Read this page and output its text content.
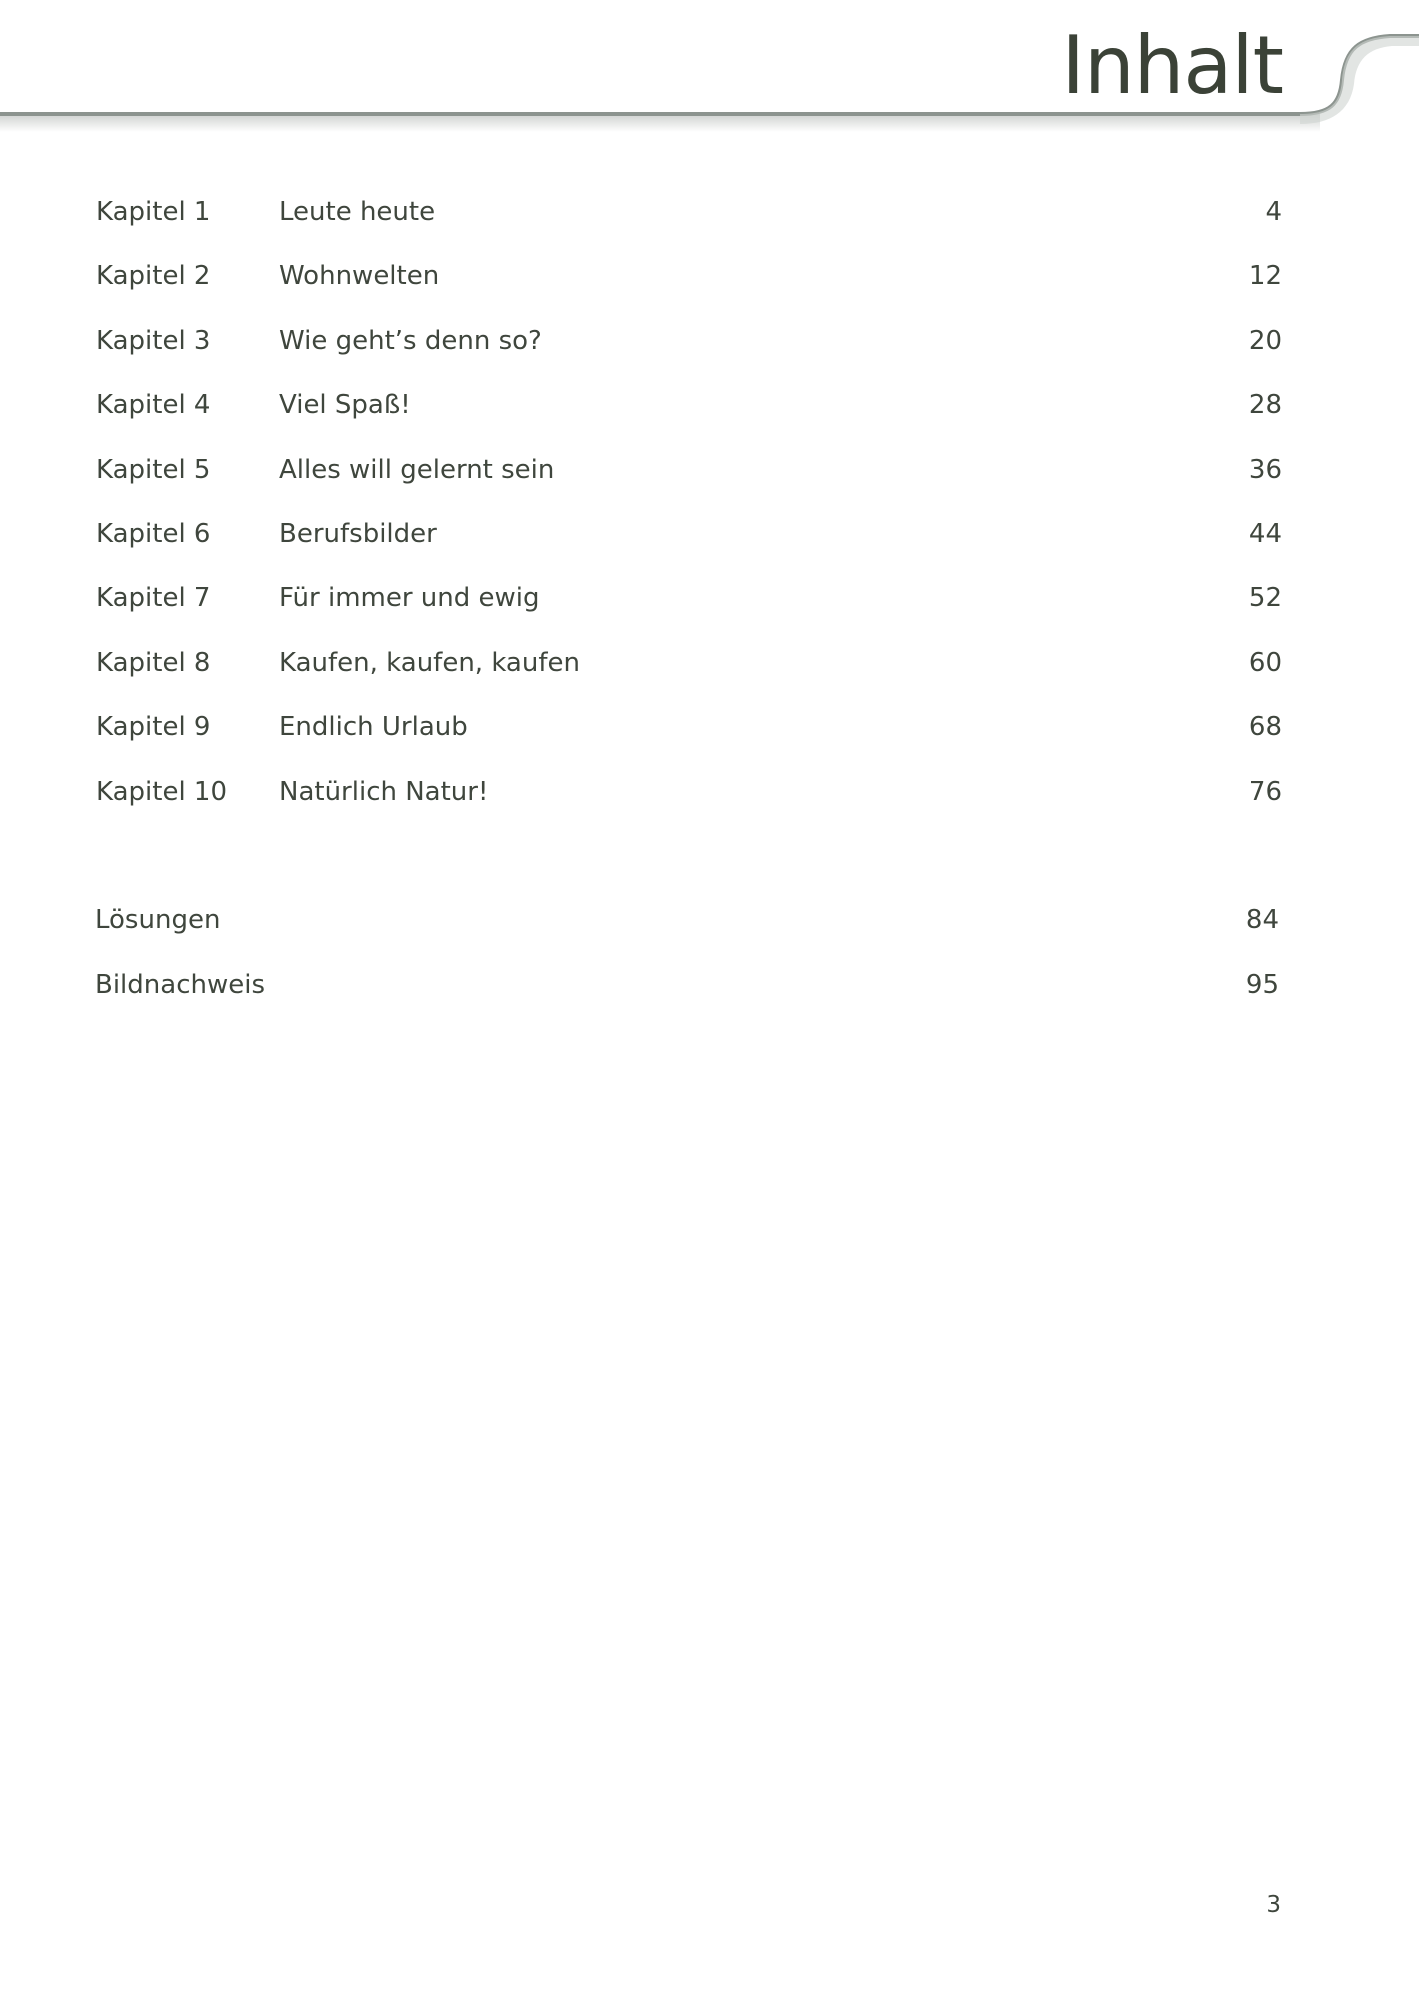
Inhalt
Kapitel 1	Leute heute	4
Kapitel 2	Wohnwelten	12
Kapitel 3	Wie geht’s denn so?	20
Kapitel 4	Viel Spaß!	28
Kapitel 5	Alles will gelernt sein	36
Kapitel 6	Berufsbilder	44
Kapitel 7	Für immer und ewig	52
Kapitel 8	Kaufen, kaufen, kaufen	60
Kapitel 9	Endlich Urlaub	68
Kapitel 10 Natürlich Natur!	76
Lösungen	84
Bildnachweis	95
3
